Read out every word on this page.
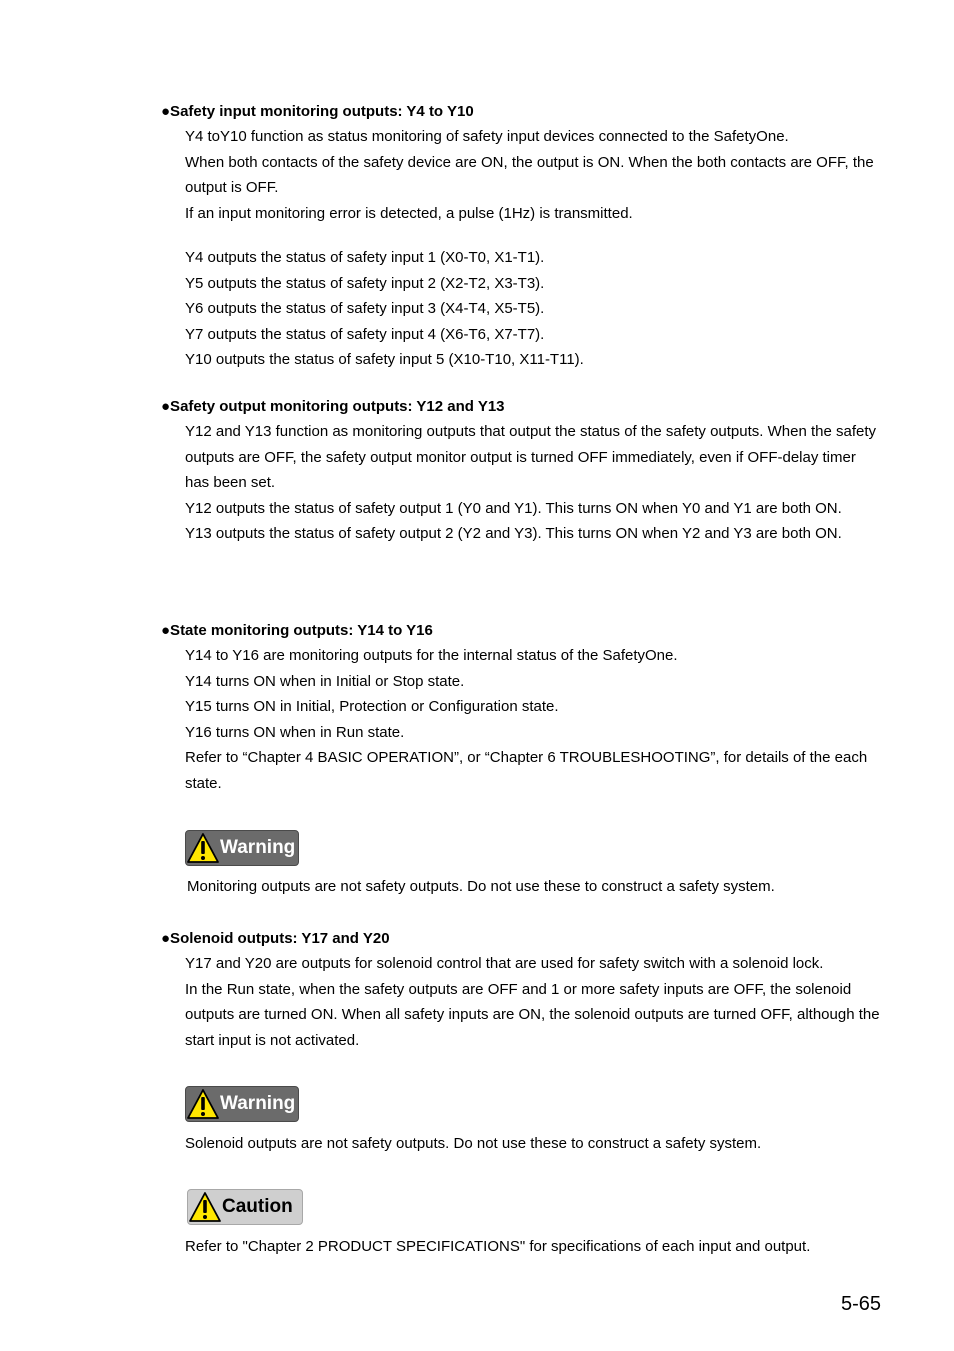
●Safety input monitoring outputs: Y4 to Y10

Y4 toY10 function as status monitoring of safety input devices connected to the SafetyOne.

When both contacts of the safety device are ON, the output is ON. When the both contacts are OFF, the output is OFF.

If an input monitoring error is detected, a pulse (1Hz) is transmitted.

Y4 outputs the status of safety input 1 (X0-T0, X1-T1).

Y5 outputs the status of safety input 2 (X2-T2, X3-T3).

Y6 outputs the status of safety input 3 (X4-T4, X5-T5).

Y7 outputs the status of safety input 4 (X6-T6, X7-T7).

Y10 outputs the status of safety input 5 (X10-T10, X11-T11).

●Safety output monitoring outputs: Y12 and Y13

Y12 and Y13 function as monitoring outputs that output the status of the safety outputs. When the safety outputs are OFF, the safety output monitor output is turned OFF immediately, even if OFF-delay timer has been set.

Y12 outputs the status of safety output 1 (Y0 and Y1). This turns ON when Y0 and Y1 are both ON.

Y13 outputs the status of safety output 2 (Y2 and Y3). This turns ON when Y2 and Y3 are both ON.

●State monitoring outputs: Y14 to Y16

Y14 to Y16 are monitoring outputs for the internal status of the SafetyOne.

Y14 turns ON when in Initial or Stop state.

Y15 turns ON in Initial, Protection or Configuration state.

Y16 turns ON when in Run state.

Refer to “Chapter 4 BASIC OPERATION”, or “Chapter 6 TROUBLESHOOTING”, for details of the each state.

Warning

Monitoring outputs are not safety outputs. Do not use these to construct a safety system.

●Solenoid outputs: Y17 and Y20

Y17 and Y20 are outputs for solenoid control that are used for safety switch with a solenoid lock.

In the Run state, when the safety outputs are OFF and 1 or more safety inputs are OFF, the solenoid outputs are turned ON. When all safety inputs are ON, the solenoid outputs are turned OFF, although the start input is not activated.

Warning

Solenoid outputs are not safety outputs. Do not use these to construct a safety system.

Caution

Refer to "Chapter 2 PRODUCT SPECIFICATIONS" for specifications of each input and output.

5-65
